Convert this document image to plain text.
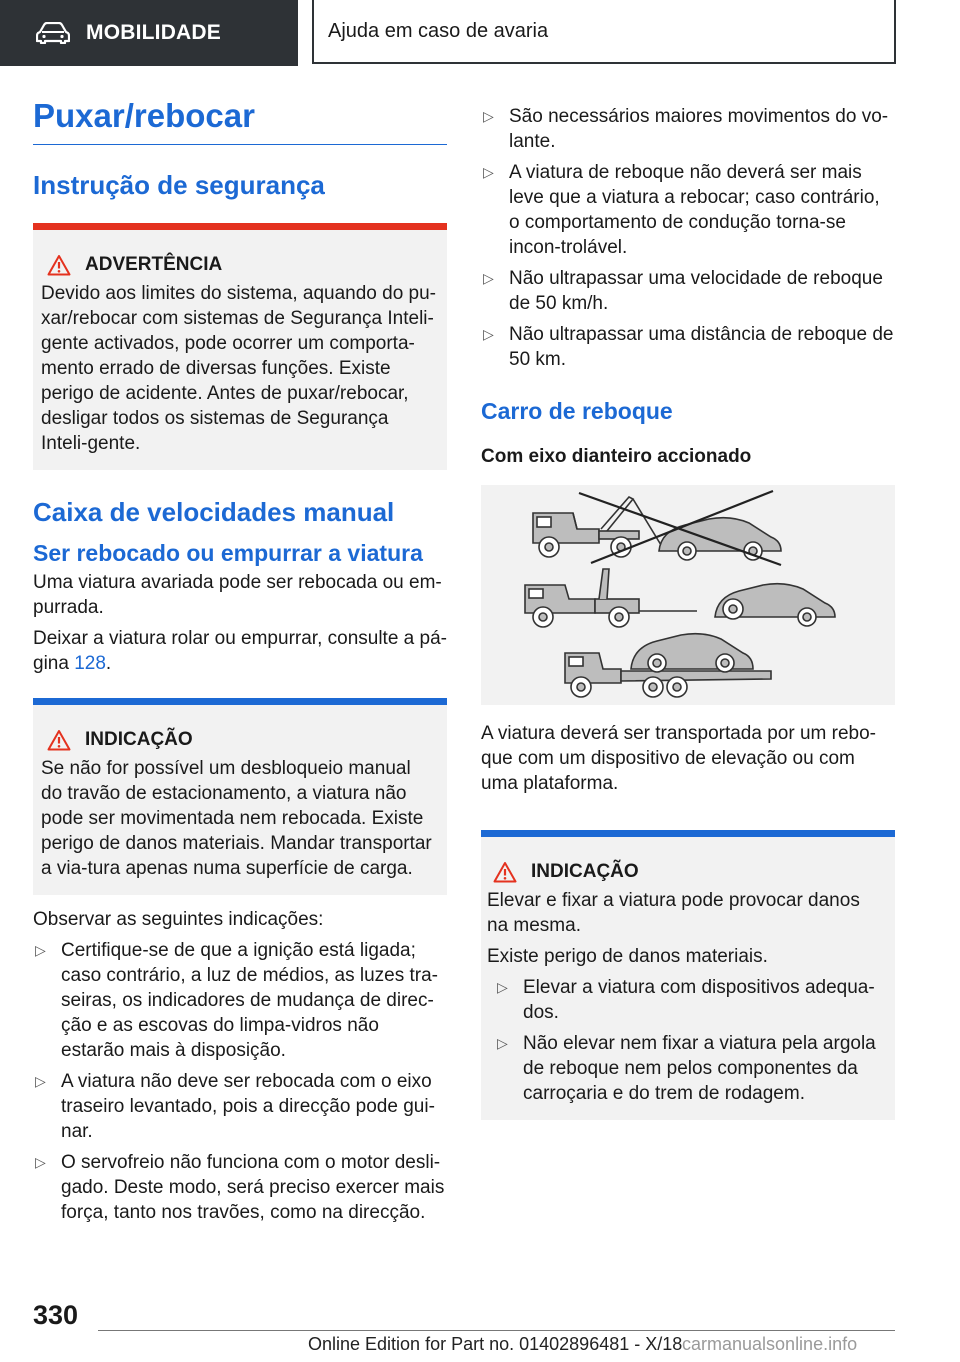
MOBILIDADE	Ajuda em caso de avaria
Puxar/rebocar
Instrução de segurança
ADVERTÊNCIA

Devido aos limites do sistema, aquando do pu-xar/rebocar com sistemas de Segurança Inteli-gente activados, pode ocorrer um comporta-mento errado de diversas funções. Existe perigo de acidente. Antes de puxar/rebocar, desligar todos os sistemas de Segurança Inteli-gente.

Caixa de velocidades manual
Ser rebocado ou empurrar a viatura

Uma viatura avariada pode ser rebocada ou em-purrada.

Deixar a viatura rolar ou empurrar, consulte a pá-gina 128.

INDICAÇÃO

Se não for possível um desbloqueio manual do travão de estacionamento, a viatura não pode ser movimentada nem rebocada. Existe perigo de danos materiais. Mandar transportar a via-tura apenas numa superfície de carga.

Observar as seguintes indicações:

▷ Certifique-se de que a ignição está ligada; caso contrário, a luz de médios, as luzes tra-seiras, os indicadores de mudança de direc-ção e as escovas do limpa-vidros não estarão mais à disposição.
▷ A viatura não deve ser rebocada com o eixo traseiro levantado, pois a direcção pode gui-nar.
▷ O servofreio não funciona com o motor desli-gado. Deste modo, será preciso exercer mais força, tanto nos travões, como na direcção.
▷ São necessários maiores movimentos do vo-lante.
▷ A viatura de reboque não deverá ser mais leve que a viatura a rebocar; caso contrário, o comportamento de condução torna-se incon-trolável.
▷ Não ultrapassar uma velocidade de reboque de 50 km/h.
▷ Não ultrapassar uma distância de reboque de 50 km.
Carro de reboque
Com eixo dianteiro accionado

A viatura deverá ser transportada por um rebo-que com um dispositivo de elevação ou com uma plataforma.

INDICAÇÃO

Elevar e fixar a viatura pode provocar danos na mesma.

Existe perigo de danos materiais.

▷ Elevar a viatura com dispositivos adequa-dos.
▷ Não elevar nem fixar a viatura pela argola de reboque nem pelos componentes da carroçaria e do trem de rodagem.
330
Online Edition for Part no. 01402896481 - X/18 carmanualsonline.info
